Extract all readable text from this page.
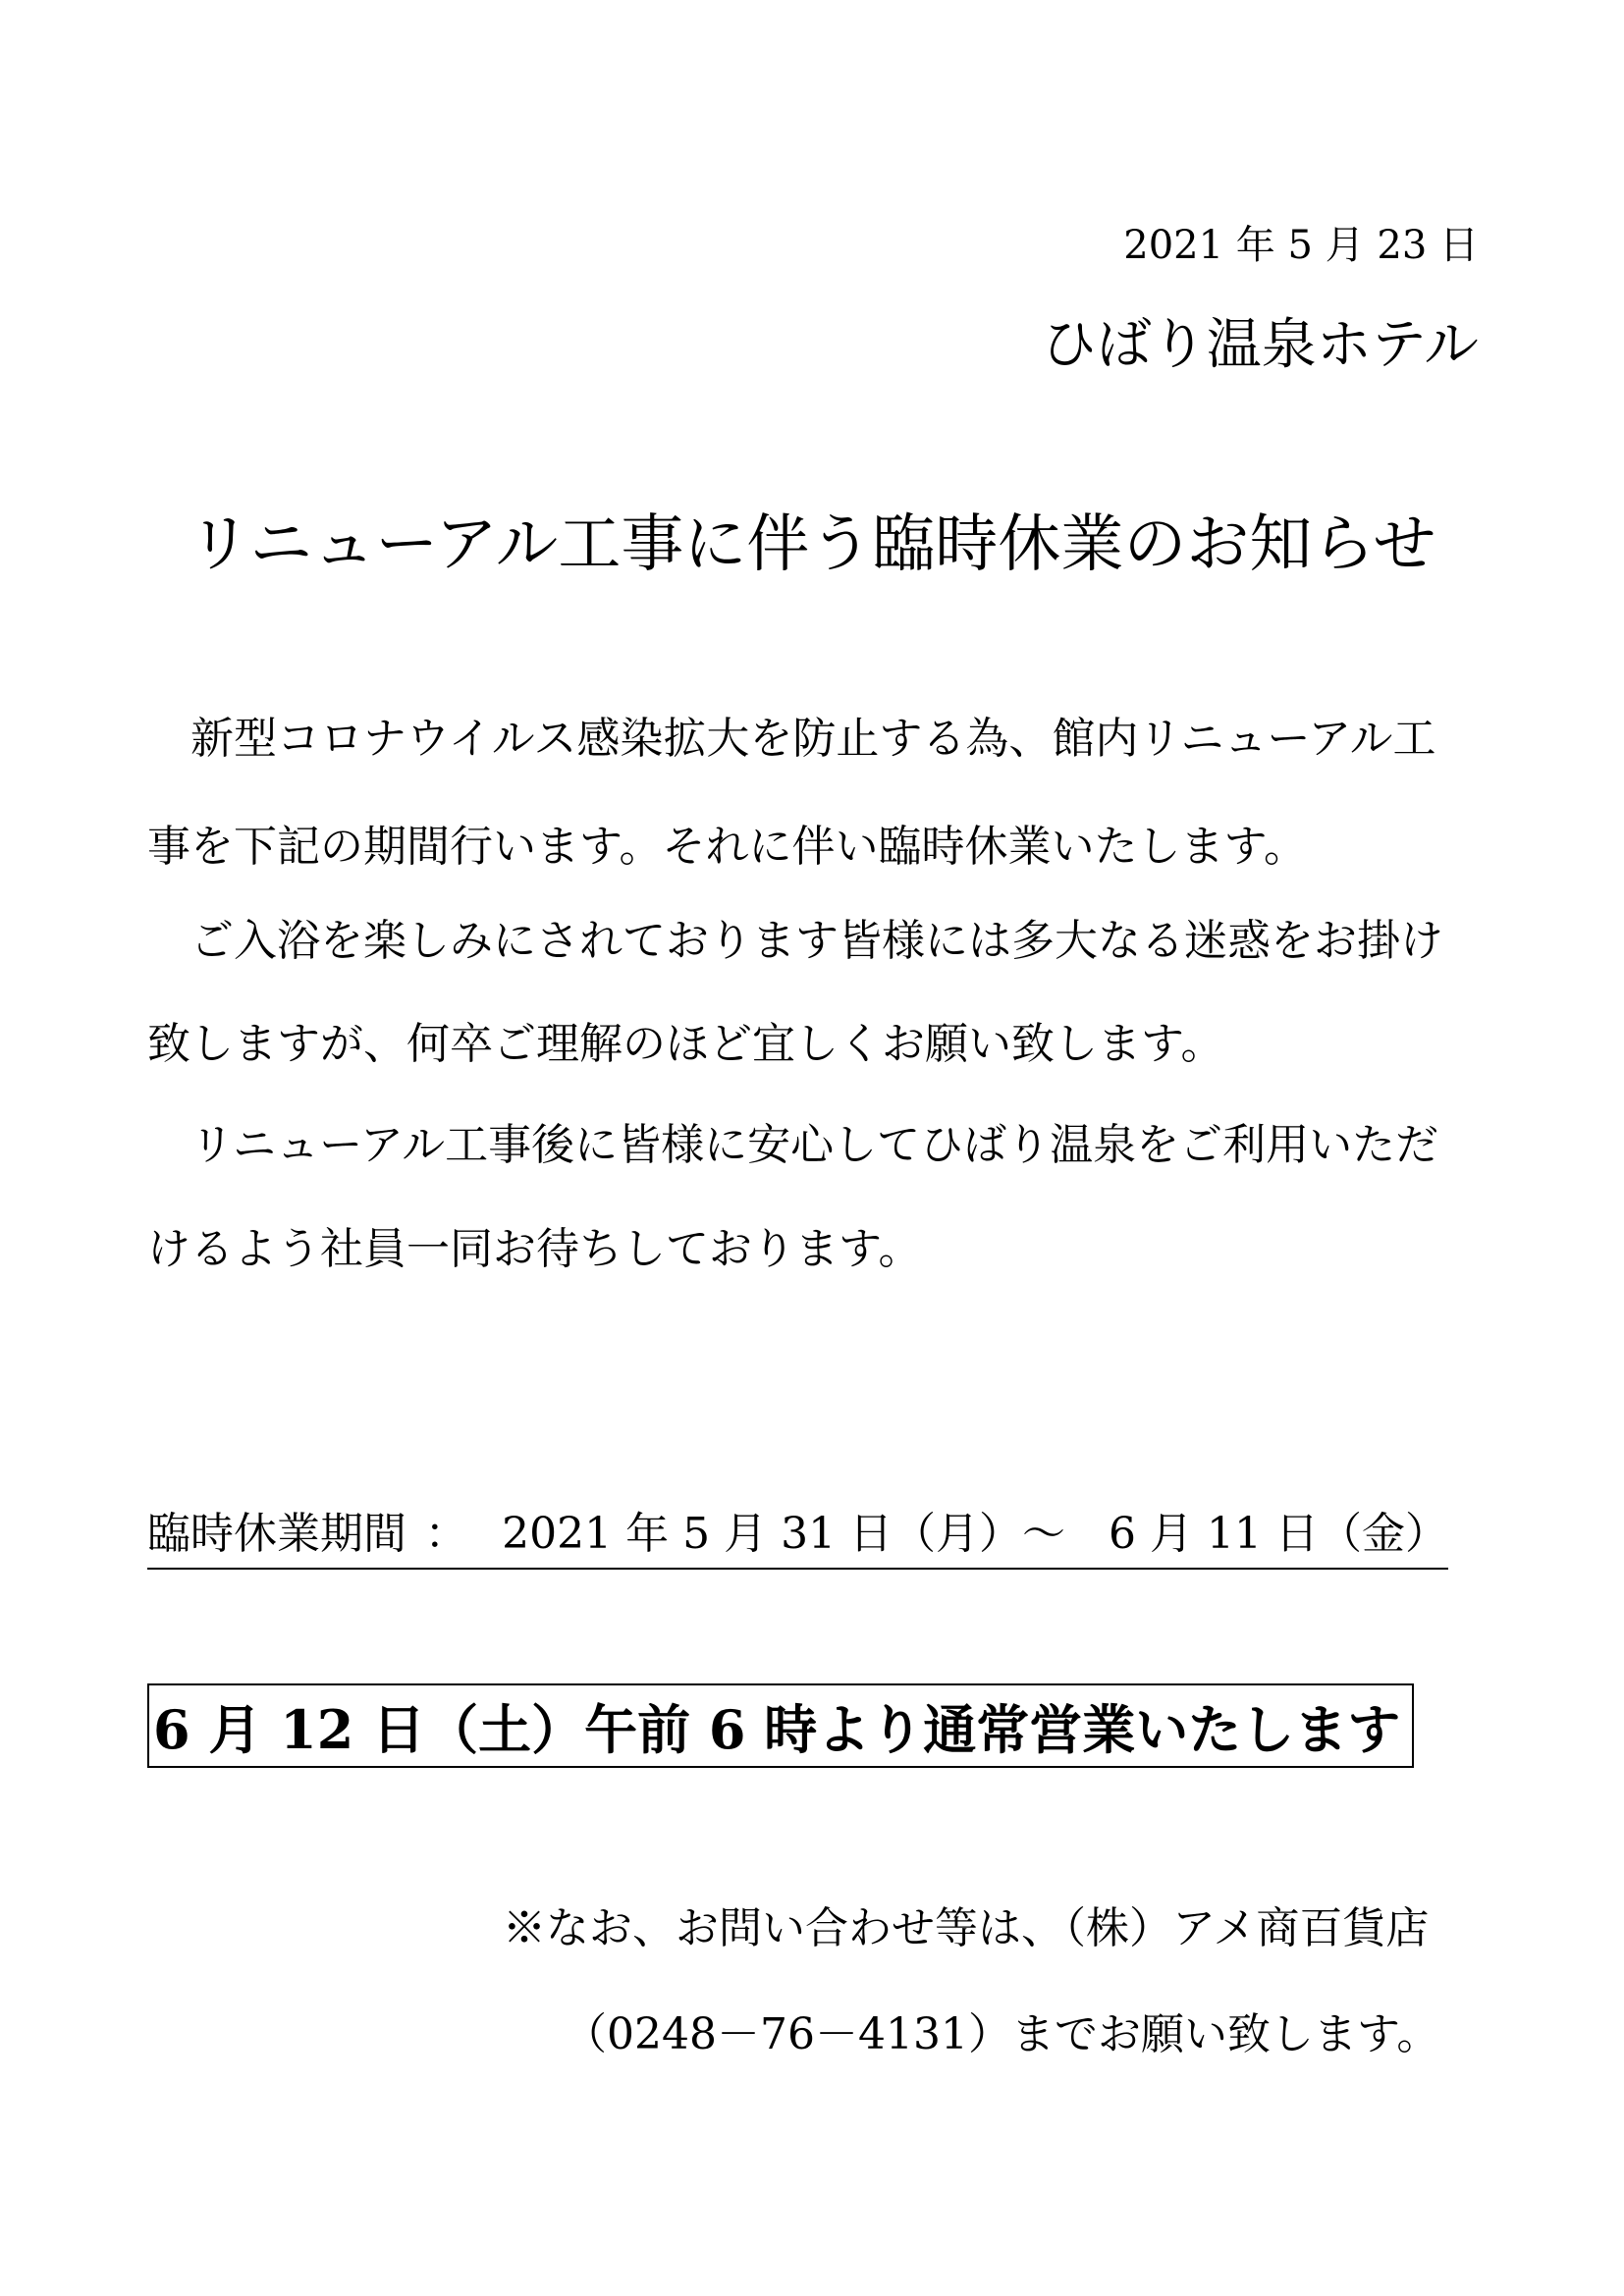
2021 年 5 月 23 日

ひばり温泉ホテル

リニューアル工事に伴う臨時休業のお知らせ

　新型コロナウイルス感染拡大を防止する為、館内リニューアル工

事を下記の期間行います。それに伴い臨時休業いたします。

　ご入浴を楽しみにされております皆様には多大なる迷惑をお掛け

致しますが、何卒ご理解のほど宜しくお願い致します。

　リニューアル工事後に皆様に安心してひばり温泉をご利用いただ

けるよう社員一同お待ちしております。

臨時休業期間 ： 2021 年 5 月 31 日（月）～　6 月 11 日（金）
6 月 12 日（土）午前 6 時より通常営業いたします

※なお、お問い合わせ等は、（株）アメ商百貨店

（0248－76－4131）までお願い致します。
